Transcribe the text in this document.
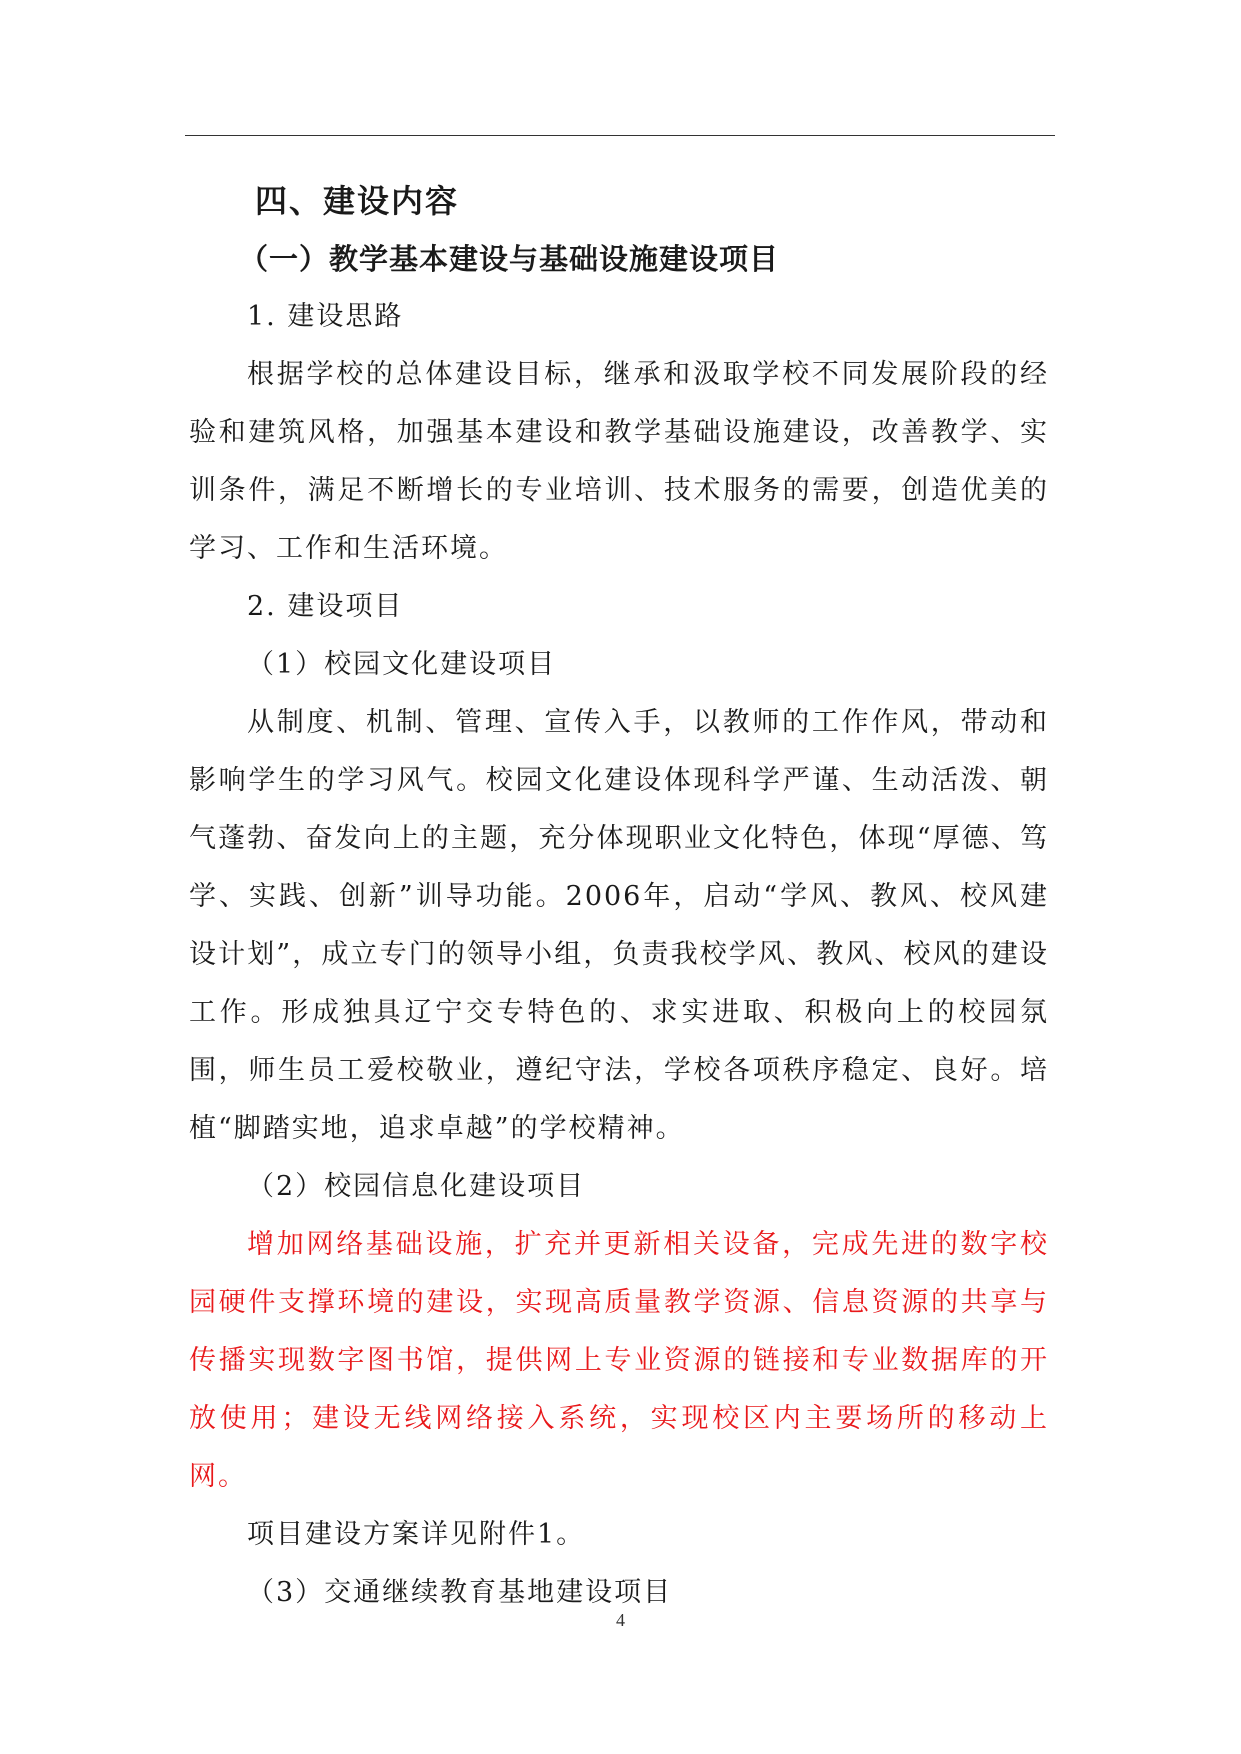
四、建设内容
（一）教学基本建设与基础设施建设项目
1. 建设思路

根据学校的总体建设目标，继承和汲取学校不同发展阶段的经验和建筑风格，加强基本建设和教学基础设施建设，改善教学、实训条件，满足不断增长的专业培训、技术服务的需要，创造优美的学习、工作和生活环境。

2. 建设项目
（1）校园文化建设项目

从制度、机制、管理、宣传入手，以教师的工作作风，带动和影响学生的学习风气。校园文化建设体现科学严谨、生动活泼、朝气蓬勃、奋发向上的主题，充分体现职业文化特色，体现“厚德、笃学、实践、创新”训导功能。2006年，启动“学风、教风、校风建设计划”，成立专门的领导小组，负责我校学风、教风、校风的建设工作。形成独具辽宁交专特色的、求实进取、积极向上的校园氛围，师生员工爱校敬业，遵纪守法，学校各项秩序稳定、良好。培植“脚踏实地，追求卓越”的学校精神。

（2）校园信息化建设项目

增加网络基础设施，扩充并更新相关设备，完成先进的数字校园硬件支撑环境的建设，实现高质量教学资源、信息资源的共享与传播实现数字图书馆，提供网上专业资源的链接和专业数据库的开放使用；建设无线网络接入系统，实现校区内主要场所的移动上网。

项目建设方案详见附件1。
（3）交通继续教育基地建设项目
4
